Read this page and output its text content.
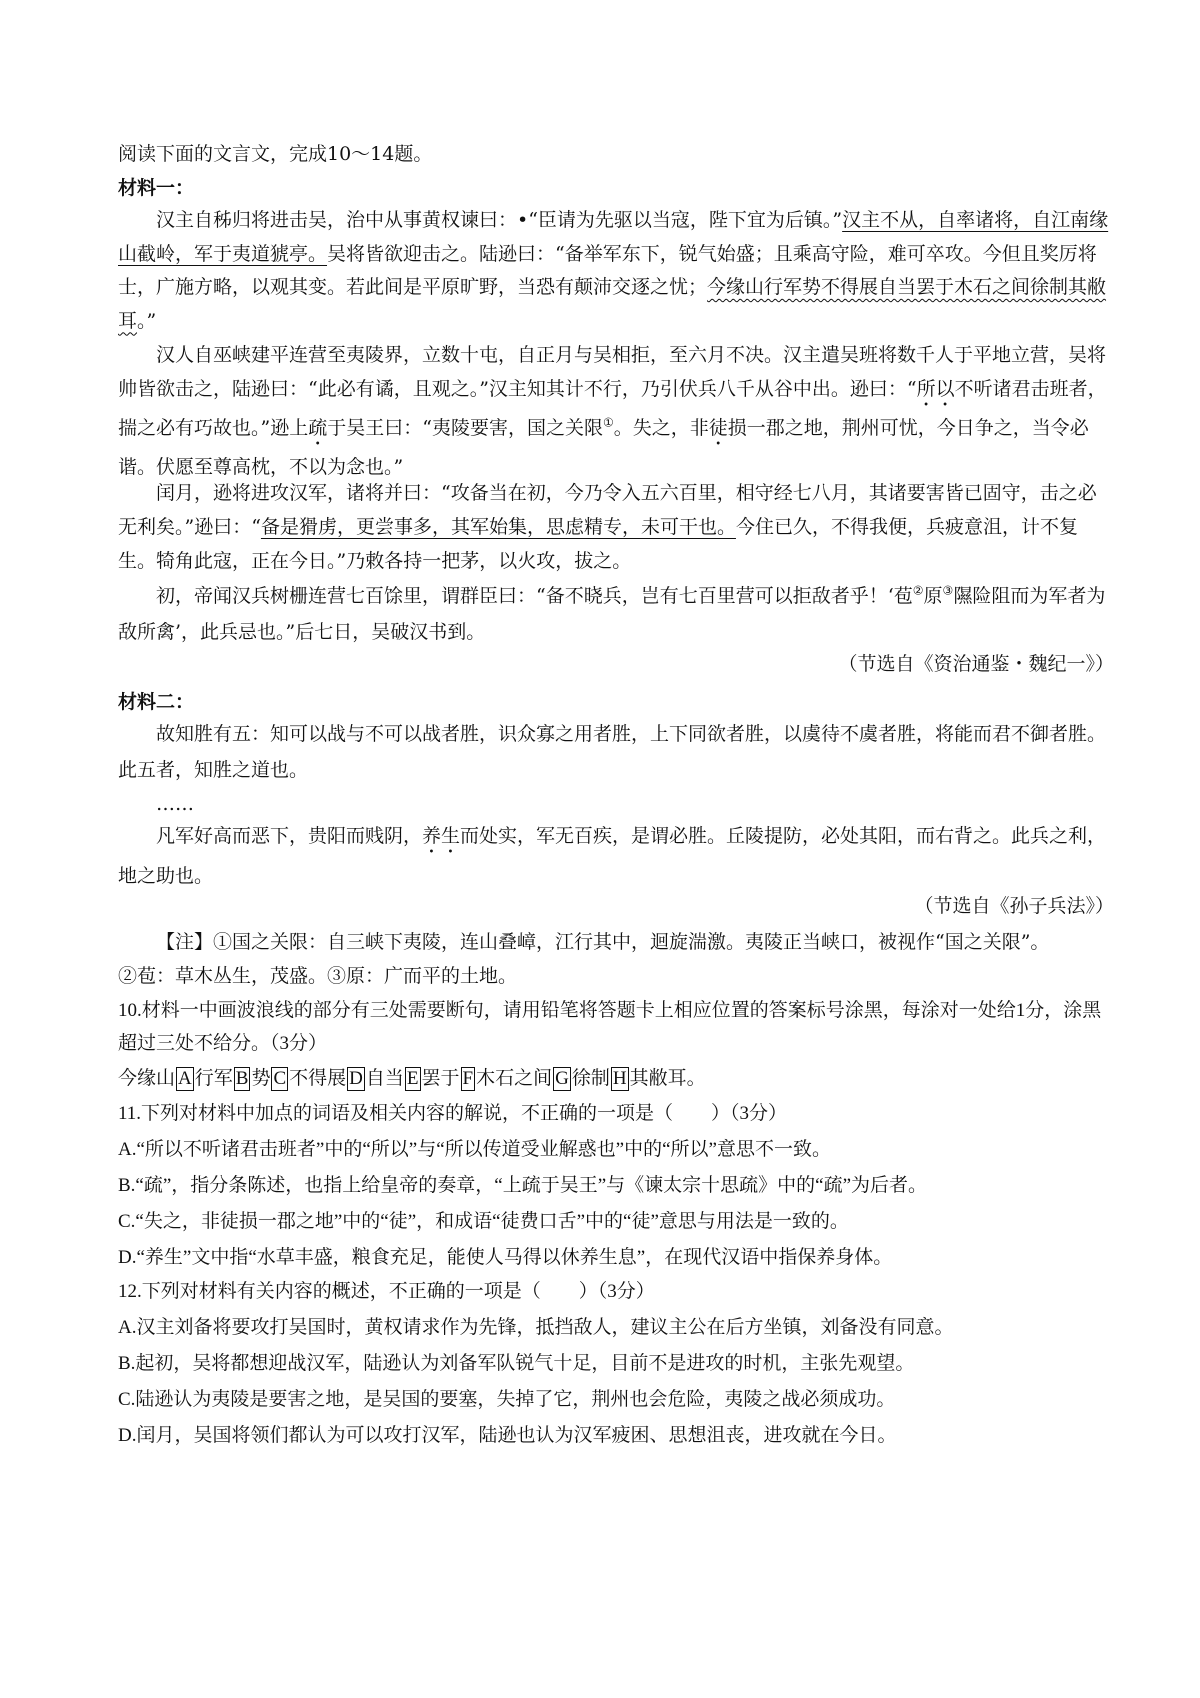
阅读下面的文言文，完成10～14题。

材料一：

汉主自秭归将进击吴，治中从事黄权谏曰：•“臣请为先驱以当寇，陛下宜为后镇。”汉主不从，自率诸将，自江南缘山截岭，军于夷道猇亭。吴将皆欲迎击之。陆逊曰：“备举军东下，锐气始盛；且乘高守险，难可卒攻。今但且奖厉将士，广施方略，以观其变。若此间是平原旷野，当恐有颠沛交逐之忧；今缘山行军势不得展自当罢于木石之间徐制其敝耳。”

汉人自巫峡建平连营至夷陵界，立数十屯，自正月与吴相拒，至六月不决。汉主遣吴班将数千人于平地立营，吴将帅皆欲击之，陆逊曰：“此必有谲，且观之。”汉主知其计不行，乃引伏兵八千从谷中出。逊曰：“所以不听诸君击班者，揣之必有巧故也。”逊上疏于吴王曰：“夷陵要害，国之关限①。失之，非徒损一郡之地，荆州可忧，今日争之，当令必谐。伏愿至尊高枕，不以为念也。”

闰月，逊将进攻汉军，诸将并曰：“攻备当在初，今乃令入五六百里，相守经七八月，其诸要害皆已固守，击之必无利矣。”逊曰：“备是猾虏，更尝事多，其军始集，思虑精专，未可干也。今住已久，不得我便，兵疲意沮，计不复生。犄角此寇，正在今日。”乃敕各持一把茅，以火攻，拔之。

初，帝闻汉兵树栅连营七百馀里，谓群臣曰：“备不晓兵，岂有七百里营可以拒敌者乎！‘苞②原③隰险阻而为军者为敌所禽’，此兵忌也。”后七日，吴破汉书到。

（节选自《资治通鉴・魏纪一》）

材料二：

故知胜有五：知可以战与不可以战者胜，识众寡之用者胜，上下同欲者胜，以虞待不虞者胜，将能而君不御者胜。此五者，知胜之道也。

……

凡军好高而恶下，贵阳而贱阴，养生而处实，军无百疾，是谓必胜。丘陵提防，必处其阳，而右背之。此兵之利，地之助也。

（节选自《孙子兵法》）

【注】①国之关限：自三峡下夷陵，连山叠嶂，江行其中，迴旋湍激。夷陵正当峡口，被视作“国之关限”。

②苞：草木丛生，茂盛。③原：广而平的土地。

10.材料一中画波浪线的部分有三处需要断句，请用铅笔将答题卡上相应位置的答案标号涂黑，每涂对一处给1分，涂黑超过三处不给分。（3分）

今缘山 A 行军 B 势 C 不得展 D 自当 E 罢于 F 木石之间 G 徐制 H 其敝耳。

11.下列对材料中加点的词语及相关内容的解说，不正确的一项是（　　）（3分）

A.“所以不听诸君击班者”中的“所以”与“所以传道受业解惑也”中的“所以”意思不一致。

B.“疏”，指分条陈述，也指上给皇帝的奏章，“上疏于吴王”与《谏太宗十思疏》中的“疏”为后者。

C.“失之，非徒损一郡之地”中的“徒”，和成语“徒费口舌”中的“徒”意思与用法是一致的。

D.“养生”文中指“水草丰盛，粮食充足，能使人马得以休养生息”，在现代汉语中指保养身体。

12.下列对材料有关内容的概述，不正确的一项是（　　）（3分）

A.汉主刘备将要攻打吴国时，黄权请求作为先锋，抵挡敌人，建议主公在后方坐镇，刘备没有同意。

B.起初，吴将都想迎战汉军，陆逊认为刘备军队锐气十足，目前不是进攻的时机，主张先观望。

C.陆逊认为夷陵是要害之地，是吴国的要塞，失掉了它，荆州也会危险，夷陵之战必须成功。

D.闰月，吴国将领们都认为可以攻打汉军，陆逊也认为汉军疲困、思想沮丧，进攻就在今日。
